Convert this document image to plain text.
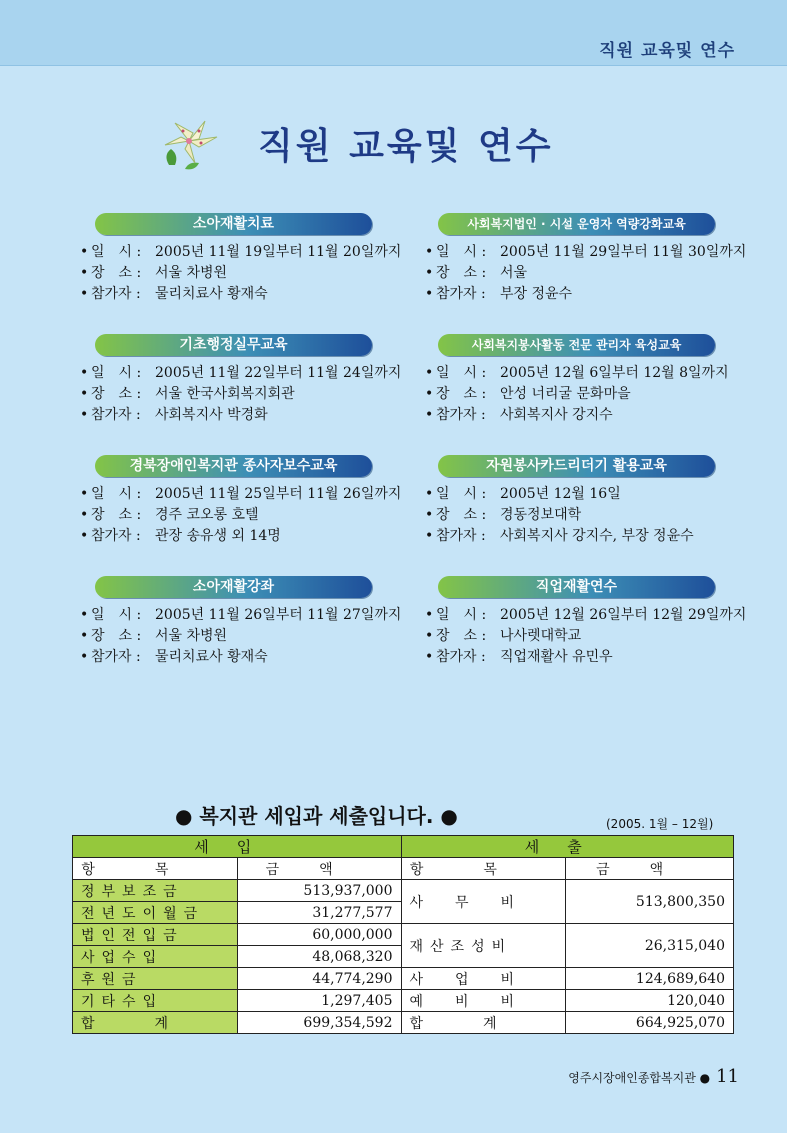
직원 교육및 연수
직원 교육및 연수
소아재활치료
• 일　시 : 2005년 11월 19일부터 11월 20일까지
• 장　소 : 서울 차병원
• 참가자 : 물리치료사 황재숙
기초행정실무교육
• 일　시 : 2005년 11월 22일부터 11월 24일까지
• 장　소 : 서울 한국사회복지회관
• 참가자 : 사회복지사 박경화
경북장애인복지관 종사자보수교육
• 일　시 : 2005년 11월 25일부터 11월 26일까지
• 장　소 : 경주 코오롱 호텔
• 참가자 : 관장 송유생 외 14명
소아재활강좌
• 일　시 : 2005년 11월 26일부터 11월 27일까지
• 장　소 : 서울 차병원
• 참가자 : 물리치료사 황재숙
사회복지법인 · 시설 운영자 역량강화교육
• 일　시 : 2005년 11월 29일부터 11월 30일까지
• 장　소 : 서울
• 참가자 : 부장 정윤수
사회복지봉사활동 전문 관리자 육성교육
• 일　시 : 2005년 12월 6일부터 12월 8일까지
• 장　소 : 안성 너리굴 문화마을
• 참가자 : 사회복지사 강지수
자원봉사카드리더기 활용교육
• 일　시 : 2005년 12월 16일
• 장　소 : 경동정보대학
• 참가자 : 사회복지사 강지수, 부장 정윤수
직업재활연수
• 일　시 : 2005년 12월 26일부터 12월 29일까지
• 장　소 : 나사렛대학교
• 참가자 : 직업재활사 유민우
● 복지관 세입과 세출입니다. ●	(2005. 1월 – 12월)
세입		세출	
항목	금액	항목	금액
정부보조금	513,937,000	사무비	513,800,350
전년도이월금	31,277,577		
법인전입금	60,000,000	재산조성비	26,315,040
사업수입	48,068,320		
후원금	44,774,290	사업비	124,689,640
기타수입	1,297,405	예비비	120,040
합계	699,354,592	합계	664,925,070
영주시장애인종합복지관 ● 11
